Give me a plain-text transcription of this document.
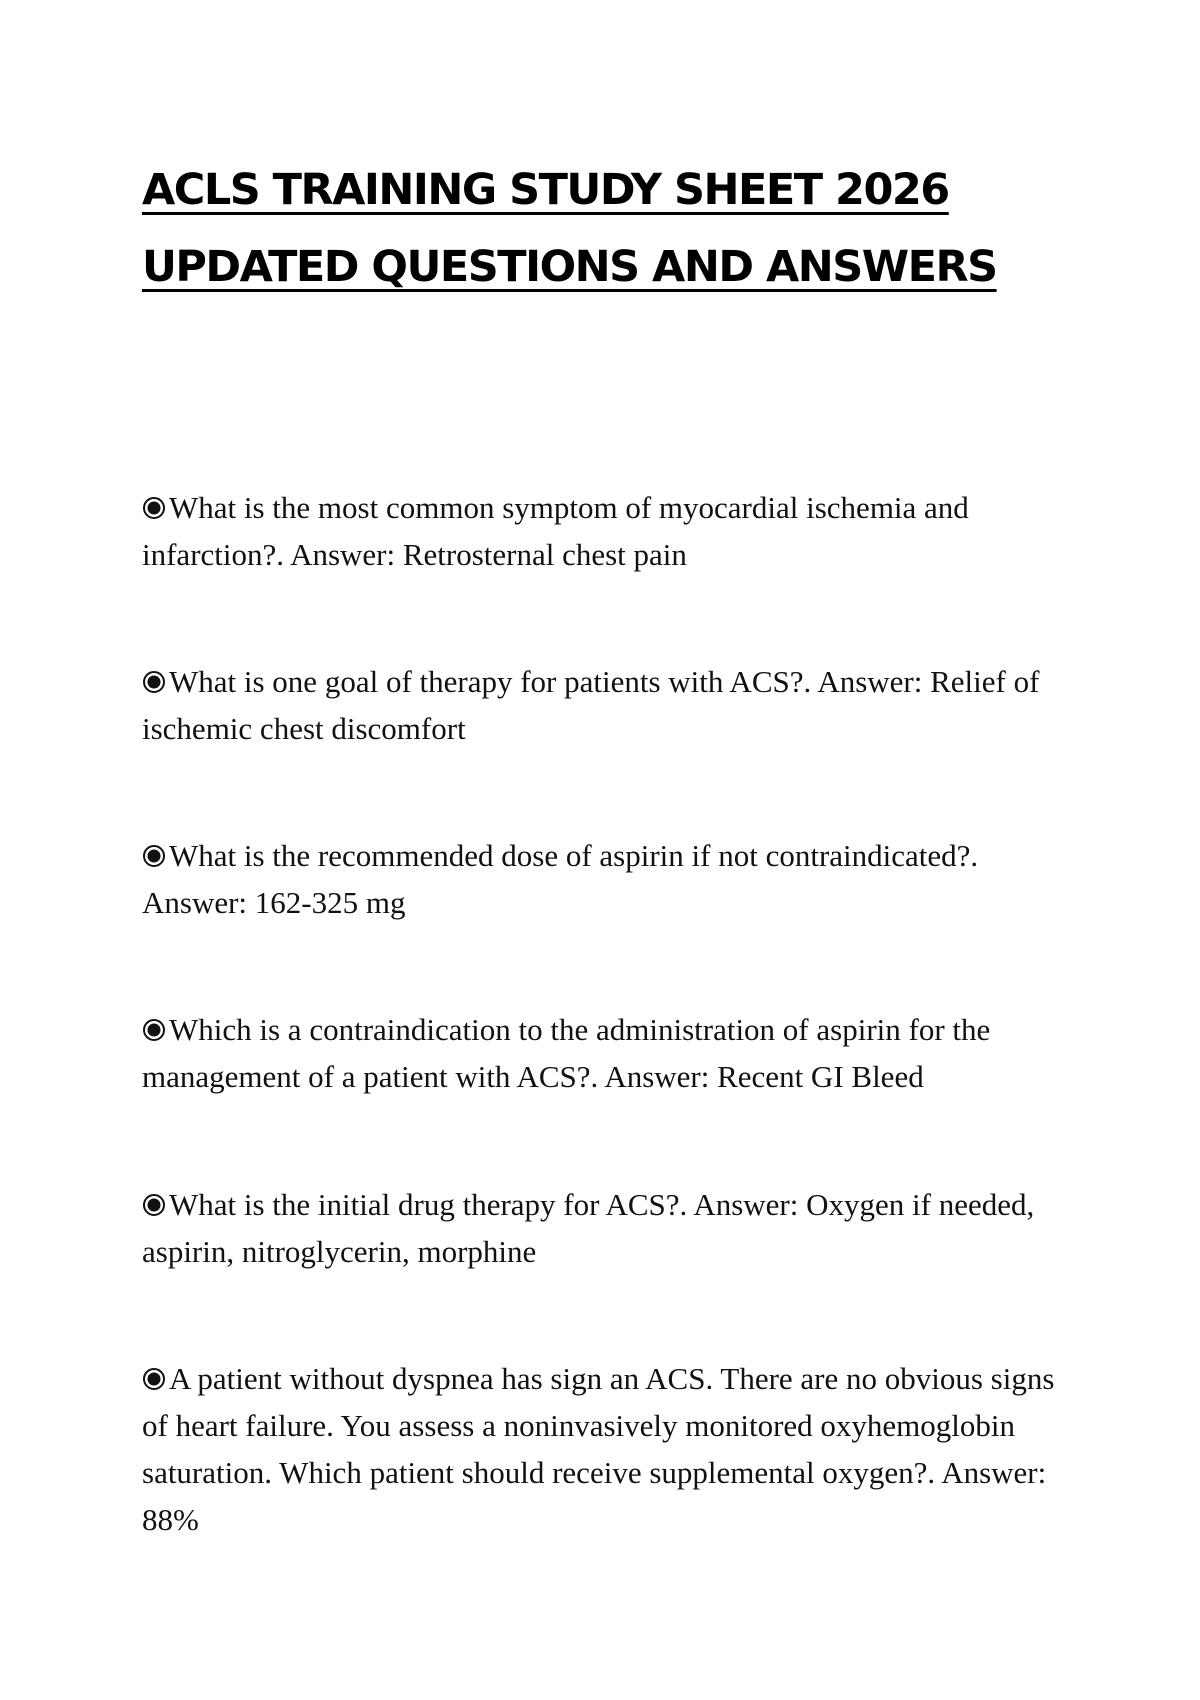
ACLS TRAINING STUDY SHEET 2026
UPDATED QUESTIONS AND ANSWERS
What is the most common symptom of myocardial ischemia and infarction?. Answer: Retrosternal chest pain
What is one goal of therapy for patients with ACS?. Answer: Relief of ischemic chest discomfort
What is the recommended dose of aspirin if not contraindicated?. Answer: 162-325 mg
Which is a contraindication to the administration of aspirin for the management of a patient with ACS?. Answer: Recent GI Bleed
What is the initial drug therapy for ACS?. Answer: Oxygen if needed, aspirin, nitroglycerin, morphine
A patient without dyspnea has sign an ACS. There are no obvious signs of heart failure. You assess a noninvasively monitored oxyhemoglobin saturation. Which patient should receive supplemental oxygen?. Answer: 88%
